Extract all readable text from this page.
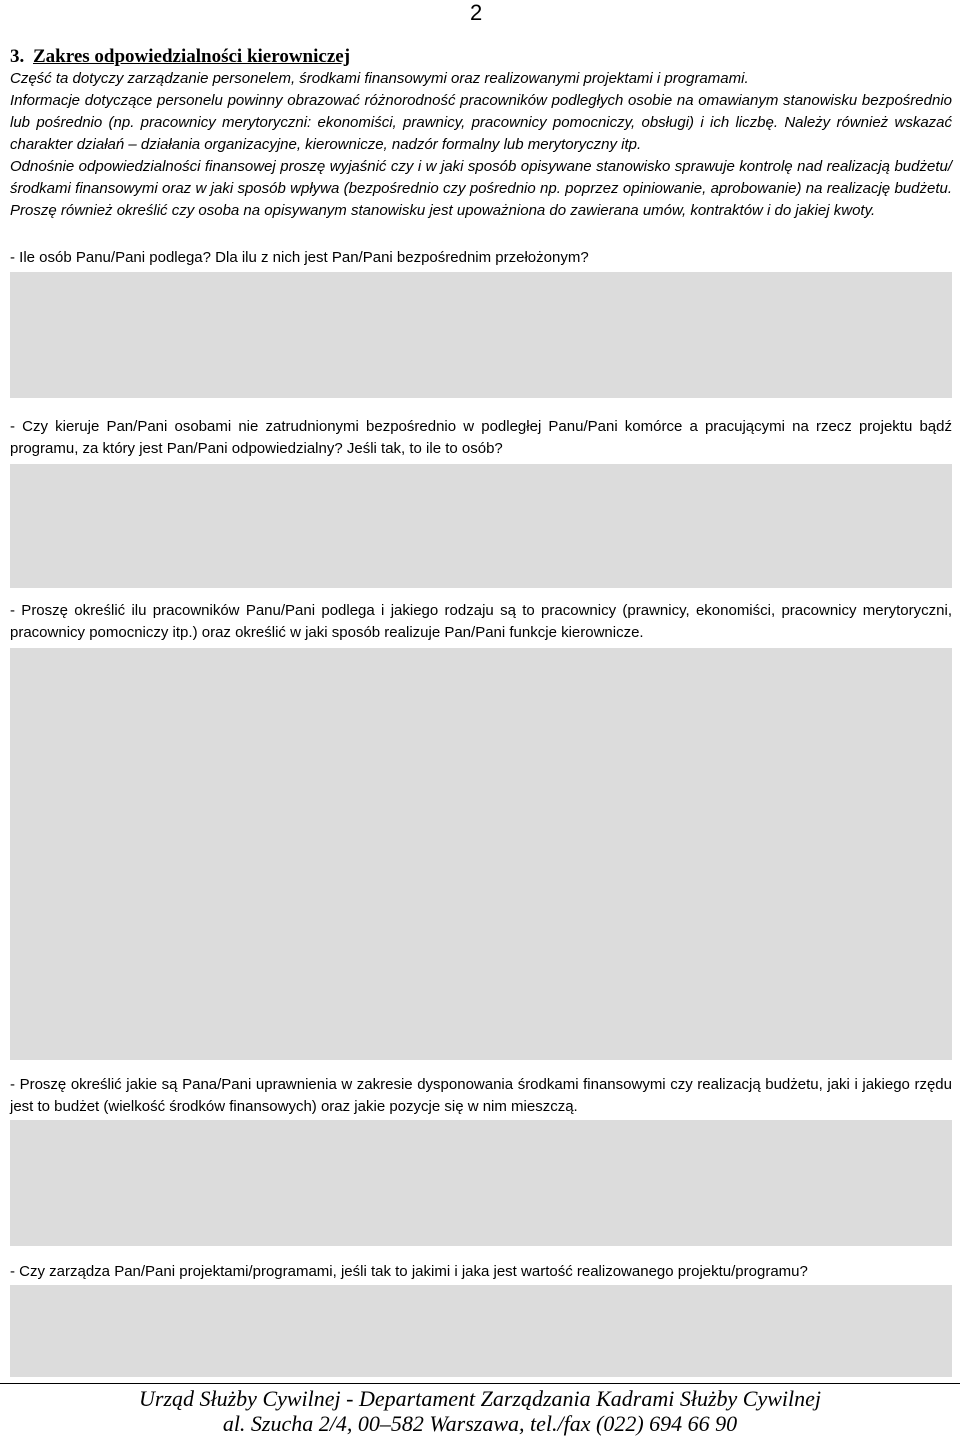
2
3. Zakres odpowiedzialności kierowniczej

Część ta dotyczy zarządzanie personelem, środkami finansowymi oraz realizowanymi projektami i programami.

Informacje dotyczące personelu powinny obrazować różnorodność pracowników podległych osobie na omawianym stanowisku bezpośrednio lub pośrednio (np. pracownicy merytoryczni: ekonomiści, prawnicy, pracownicy pomocniczy, obsługi) i ich liczbę. Należy również wskazać charakter działań – działania organizacyjne, kierownicze, nadzór formalny lub merytoryczny itp.

Odnośnie odpowiedzialności finansowej proszę wyjaśnić czy i w jaki sposób opisywane stanowisko sprawuje kontrolę nad realizacją budżetu/środkami finansowymi oraz w jaki sposób wpływa (bezpośrednio czy pośrednio np. poprzez opiniowanie, aprobowanie) na realizację budżetu. Proszę również określić czy osoba na opisywanym stanowisku jest upoważniona do zawierana umów, kontraktów i do jakiej kwoty.

- Ile osób Panu/Pani podlega? Dla ilu z nich jest Pan/Pani bezpośrednim przełożonym?

- Czy kieruje Pan/Pani osobami nie zatrudnionymi bezpośrednio w podległej Panu/Pani komórce a pracującymi na rzecz projektu bądź programu, za który jest Pan/Pani odpowiedzialny? Jeśli tak, to ile to osób?

- Proszę określić ilu pracowników Panu/Pani podlega i jakiego rodzaju są to pracownicy (prawnicy, ekonomiści, pracownicy merytoryczni, pracownicy pomocniczy itp.) oraz określić w jaki sposób realizuje Pan/Pani funkcje kierownicze.

- Proszę określić jakie są Pana/Pani uprawnienia w zakresie dysponowania środkami finansowymi czy realizacją budżetu, jaki i jakiego rzędu jest to budżet (wielkość środków finansowych) oraz jakie pozycje się w nim mieszczą.

- Czy zarządza Pan/Pani projektami/programami, jeśli tak to jakimi i jaka jest wartość realizowanego projektu/programu?

Urząd Służby Cywilnej - Departament Zarządzania Kadrami Służby Cywilnej
al. Szucha 2/4, 00–582 Warszawa, tel./fax (022) 694 66 90
